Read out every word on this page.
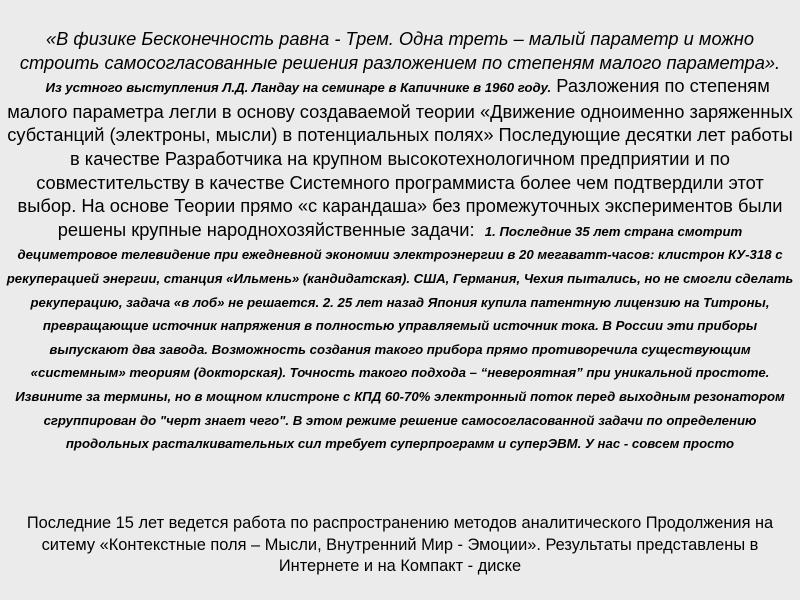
«В физике Бесконечность равна - Трем. Одна треть – малый параметр и можно строить самосогласованные решения разложением по степеням малого параметра».    Из устного выступления Л.Д. Ландау на семинаре в Капичнике в 1960 году. Разложения по степеням малого параметра легли в основу создаваемой теории «Движение одноименно заряженных субстанций (электроны, мысли) в потенциальных полях» Последующие десятки лет работы в качестве Разработчика на крупном высокотехнологичном предприятии и по совместительству в качестве Системного программиста более чем подтвердили этот выбор. На основе Теории прямо «с карандаша» без промежуточных экспериментов были решены крупные народнохозяйственные задачи: 1. Последние 35 лет страна смотрит дециметровое телевидение при ежедневной экономии электроэнергии в 20 мегаватт-часов: клистрон КУ-318 с рекуперацией энергии, станция «Ильмень» (кандидатская). США, Германия, Чехия пытались, но не смогли сделать рекуперацию, задача «в лоб» не решается. 2. 25 лет назад Япония купила патентную лицензию на Титроны, превращающие источник напряжения в полностью управляемый источник тока. В России эти приборы выпускают два завода. Возможность создания такого прибора прямо противоречила существующим «системным» теориям (докторская). Точность такого подхода – “невероятная” при уникальной простоте. Извините за термины, но в мощном клистроне с КПД 60-70% электронный поток перед выходным резонатором сгруппирован до "черт знает чего". В этом режиме решение самосогласованной задачи по определению продольных расталкивательных сил требует суперпрограмм и суперЭВМ. У нас - совсем просто
Последние 15 лет ведется работа по распространению методов аналитического Продолжения на ситему «Контекстные поля – Мысли, Внутренний Мир - Эмоции». Результаты представлены в Интернете и на Компакт - диске
